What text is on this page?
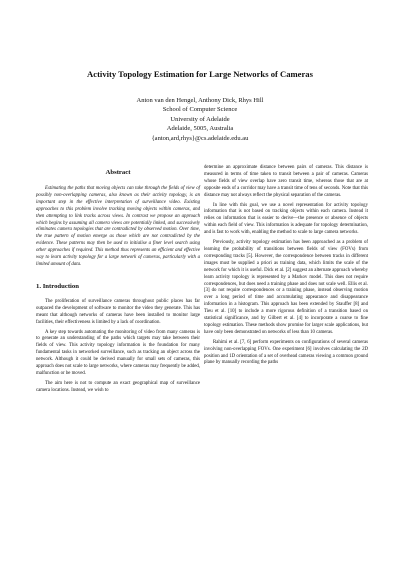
Activity Topology Estimation for Large Networks of Cameras
Anton van den Hengel, Anthony Dick, Rhys Hill
School of Computer Science
University of Adelaide
Adelaide, 5005, Australia
{anton,ard,rhys}@cs.adelaide.edu.au
Abstract

Estimating the paths that moving objects can take through the fields of view of possibly non-overlapping cameras, also known as their activity topology, is an important step in the effective interpretation of surveillance video. Existing approaches to this problem involve tracking moving objects within cameras, and then attempting to link tracks across views. In contrast we propose an approach which begins by assuming all camera views are potentially linked, and successively eliminates camera topologies that are contradicted by observed motion. Over time, the true pattern of motion emerge as those which are not contradicted by the evidence. These patterns may then be used to initialise a finer level search using other approaches if required. This method thus represents an efficient and effective way to learn activity topology for a large network of cameras, particularly with a limited amount of data.

1. Introduction

The proliferation of surveillance cameras throughout public places has far outpaced the development of software to monitor the video they generate. This has meant that although networks of cameras have been installed to monitor large facilities, their effectiveness is limited by a lack of coordination.

A key step towards automating the monitoring of video from many cameras is to generate an understanding of the paths which targets may take between their fields of view. This activity topology information is the foundation for many fundamental tasks in networked surveillance, such as tracking an object across the network. Although it could be derived manually for small sets of cameras, this approach does not scale to large networks, where cameras may frequently be added, malfunction or be moved.

The aim here is not to compute an exact geographical map of surveillance camera locations. Instead, we wish to

determine an approximate distance between pairs of cameras. This distance is measured in terms of time taken to transit between a pair of cameras. Cameras whose fields of view overlap have zero transit time, whereas those that are at opposite ends of a corridor may have a transit time of tens of seconds. Note that this distance may not always reflect the physical separation of the cameras.

In line with this goal, we use a novel representation for activity topology information that is not based on tracking objects within each camera. Instead it relies on information that is easier to derive—the presence or absence of objects within each field of view. This information is adequate for topology determination, and is fast to work with, enabling the method to scale to large camera networks.

Previously, activity topology estimation has been approached as a problem of learning the probability of transitions between fields of view (FOVs) from corresponding tracks [5]. However, the correspondence between tracks in different images must be supplied a priori as training data, which limits the scale of the network for which it is useful. Dick et al. [2] suggest an alternate approach whereby learn activity topology is represented by a Markov model. This does not require correspondences, but does need a training phase and does not scale well. Ellis et al. [3] do not require correspondences or a training phase, instead observing motion over a long period of time and accumulating appearance and disappearance information in a histogram. This approach has been extended by Stauffer [8] and Tieu et al. [10] to include a more rigorous definition of a transition based on statistical significance, and by Gilbert et al. [4] to incorporate a coarse to fine topology estimation. These methods show promise for larger scale applications, but have only been demonstrated on networks of less than 10 cameras.

Rahimi et al. [7, 6] perform experiments on configurations of several cameras involving non-overlapping FOVs. One experiment [6] involves calculating the 2D position and 1D orientation of a set of overhead cameras viewing a common ground plane by manually recording the paths
